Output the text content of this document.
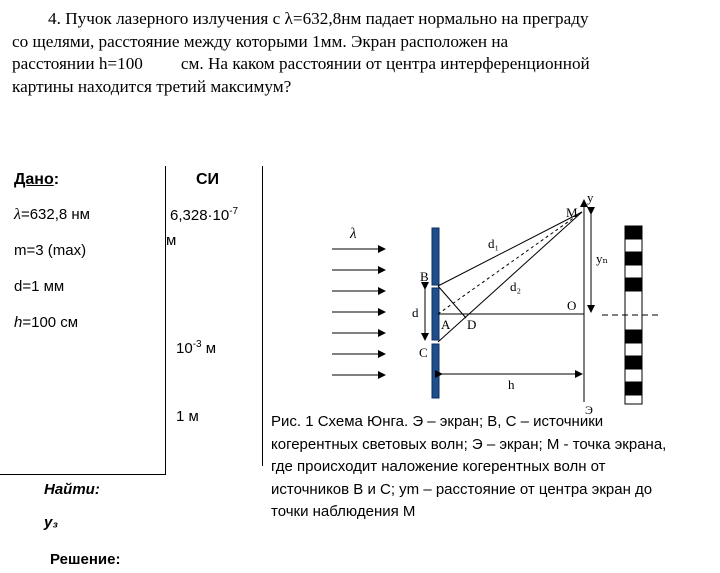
4. Пучок лазерного излучения с λ=632,8нм падает нормально на преграду
со щелями, расстояние между которыми 1мм. Экран расположен на
расстоянии h=100 см. На каком расстоянии от центра интерференционной
картины находится третий максимум?
Дано:	СИ
λ=632,8 нм
m=3 (max)
d=1 мм
h=100 см
$6,328\cdot 10^{-7}$
м
$10^{-3}$ м
1 м
Найти:
y₃
Решение:
λ
y
Э
M
d₁
d₂
yₙ
B
O
d
A D
C
h
Рис. 1 Схема Юнга. Э – экран; B, C – источники когерентных световых волн; Э – экран; M - точка экрана, где происходит наложение когерентных волн от источников B и C; ym – расстояние от центра экран до точки наблюдения M
